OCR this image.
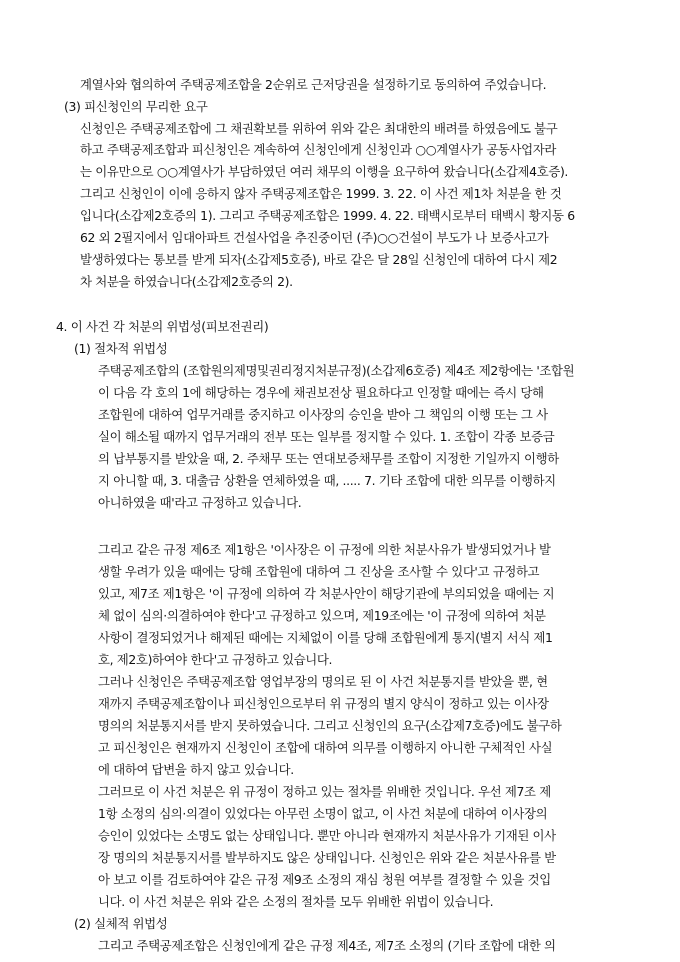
계열사와 협의하여 주택공제조합을 2순위로 근저당권을 설정하기로 동의하여 주었습니다.
(3) 피신청인의 무리한 요구
신청인은 주택공제조합에 그 채권확보를 위하여 위와 같은 최대한의 배려를 하였음에도 불구
하고 주택공제조합과 피신청인은 계속하여 신청인에게 신청인과 ○○계열사가 공동사업자라
는 이유만으로 ○○계열사가 부담하였던 여러 채무의 이행을 요구하여 왔습니다(소갑제4호증).
그리고 신청인이 이에 응하지 않자 주택공제조합은 1999. 3. 22. 이 사건 제1차 처분을 한 것
입니다(소갑제2호증의 1). 그리고 주택공제조합은 1999. 4. 22. 태백시로부터 태백시 황지동 6
62 외 2필지에서 임대아파트 건설사업을 추진중이던 (주)○○건설이 부도가 나 보증사고가
발생하였다는 통보를 받게 되자(소갑제5호증), 바로 같은 달 28일 신청인에 대하여 다시 제2
차 처분을 하였습니다(소갑제2호증의 2).
4. 이 사건 각 처분의 위법성(피보전권리)
(1) 절차적 위법성
주택공제조합의 (조합원의제명및권리정지처분규정)(소갑제6호증) 제4조 제2항에는 '조합원
이 다음 각 호의 1에 해당하는 경우에 채권보전상 필요하다고 인정할 때에는 즉시 당해
조합원에 대하여 업무거래를 중지하고 이사장의 승인을 받아 그 책임의 이행 또는 그 사
실이 해소될 때까지 업무거래의 전부 또는 일부를 정지할 수 있다. 1. 조합이 각종 보증금
의 납부통지를 받았을 때, 2. 주채무 또는 연대보증채무를 조합이 지정한 기일까지 이행하
지 아니할 때, 3. 대출금 상환을 연체하였을 때, ..... 7. 기타 조합에 대한 의무를 이행하지
아니하였을 때'라고 규정하고 있습니다.
그리고 같은 규정 제6조 제1항은 '이사장은 이 규정에 의한 처분사유가 발생되었거나 발
생할 우려가 있을 때에는 당해 조합원에 대하여 그 진상을 조사할 수 있다'고 규정하고
있고, 제7조 제1항은 '이 규정에 의하여 각 처분사안이 해당기관에 부의되었을 때에는 지
체 없이 심의·의결하여야 한다'고 규정하고 있으며, 제19조에는 '이 규정에 의하여 처분
사항이 결정되었거나 해제된 때에는 지체없이 이를 당해 조합원에게 통지(별지 서식 제1
호, 제2호)하여야 한다'고 규정하고 있습니다.
그러나 신청인은 주택공제조합 영업부장의 명의로 된 이 사건 처분통지를 받았을 뿐, 현
재까지 주택공제조합이나 피신청인으로부터 위 규정의 별지 양식이 정하고 있는 이사장
명의의 처분통지서를 받지 못하였습니다. 그리고 신청인의 요구(소갑제7호증)에도 불구하
고 피신청인은 현재까지 신청인이 조합에 대하여 의무를 이행하지 아니한 구체적인 사실
에 대하여 답변을 하지 않고 있습니다.
그러므로 이 사건 처분은 위 규정이 정하고 있는 절차를 위배한 것입니다. 우선 제7조 제
1항 소정의 심의·의결이 있었다는 아무런 소명이 없고, 이 사건 처분에 대하여 이사장의
승인이 있었다는 소명도 없는 상태입니다. 뿐만 아니라 현재까지 처분사유가 기재된 이사
장 명의의 처분통지서를 발부하지도 않은 상태입니다. 신청인은 위와 같은 처분사유를 받
아 보고 이를 검토하여야 같은 규정 제9조 소정의 재심 청원 여부를 결정할 수 있을 것입
니다. 이 사건 처분은 위와 같은 소정의 절차를 모두 위배한 위법이 있습니다.
(2) 실체적 위법성
그리고 주택공제조합은 신청인에게 같은 규정 제4조, 제7조 소정의 (기타 조합에 대한 의
